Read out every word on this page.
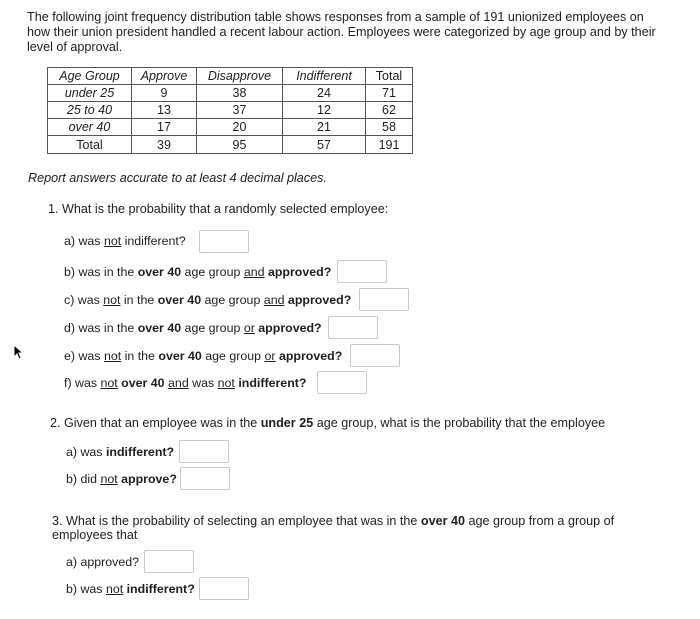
The following joint frequency distribution table shows responses from a sample of 191 unionized employees on how their union president handled a recent labour action. Employees were categorized by age group and by their level of approval.
Age Group	Approve	Disapprove	Indifferent	Total
under 25	9	38	24	71
25 to 40	13	37	12	62
over 40	17	20	21	58
Total	39	95	57	191
Report answers accurate to at least 4 decimal places.
1. What is the probability that a randomly selected employee:
a) was not indifferent?
b) was in the over 40 age group and approved?
c) was not in the over 40 age group and approved?
d) was in the over 40 age group or approved?
e) was not in the over 40 age group or approved?
f) was not over 40 and was not indifferent?
2. Given that an employee was in the under 25 age group, what is the probability that the employee
a) was indifferent?
b) did not approve?
3. What is the probability of selecting an employee that was in the over 40 age group from a group of employees that
a) approved?
b) was not indifferent?
